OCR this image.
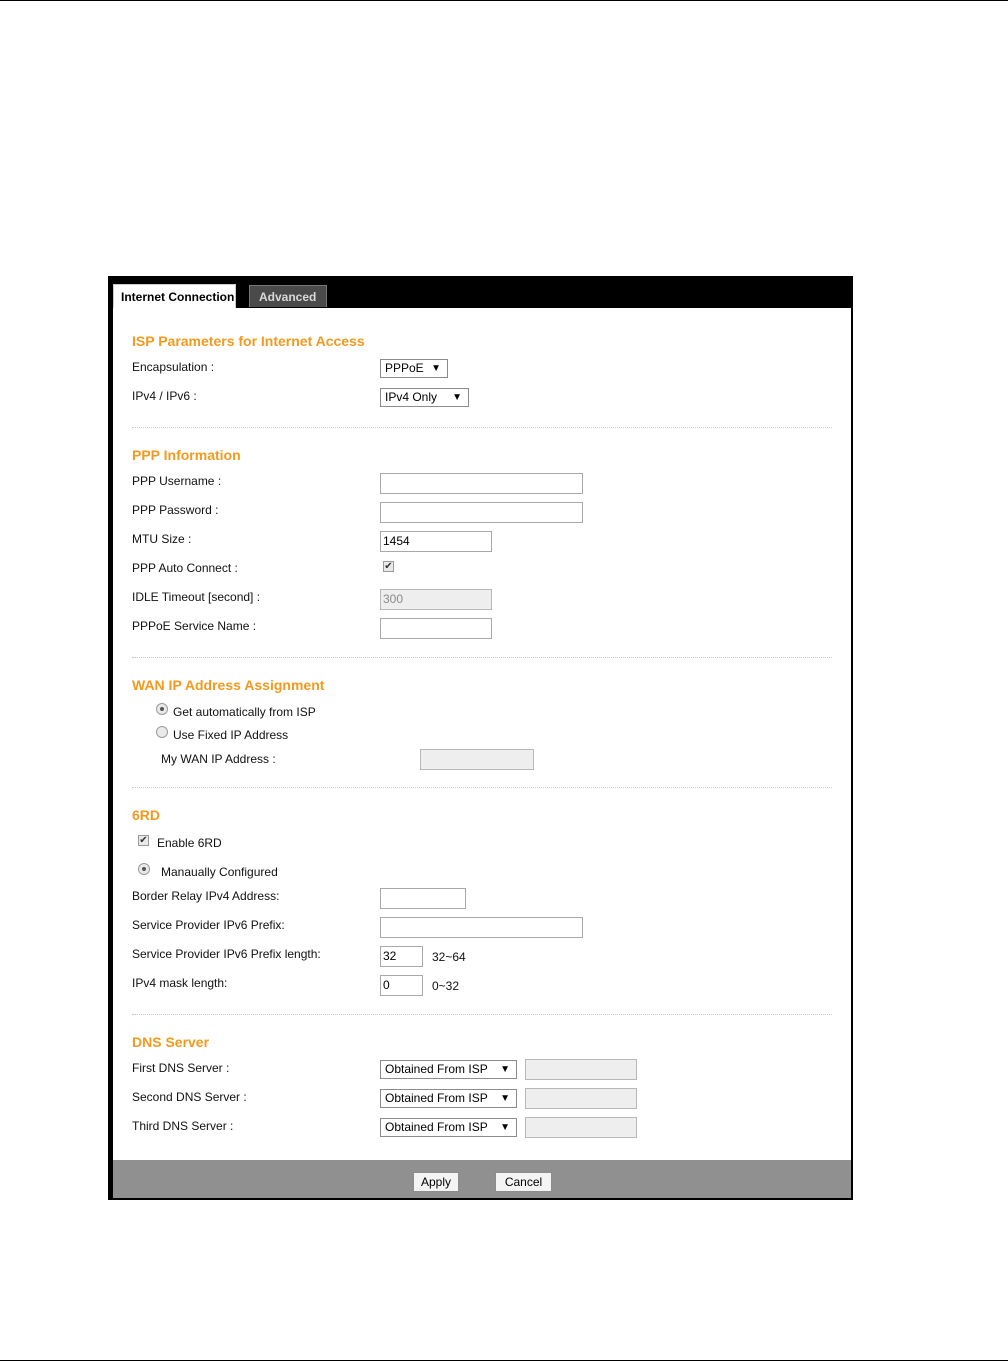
Internet Connection	Advanced
ISP Parameters for Internet Access
Encapsulation :	PPPoE ▼
IPv4 / IPv6 :	IPv4 Only ▼
PPP Information
PPP Username :
PPP Password :
MTU Size :	1454
PPP Auto Connect :	✔
IDLE Timeout [second] :	300
PPPoE Service Name :
WAN IP Address Assignment
Get automatically from ISP
Use Fixed IP Address
My WAN IP Address :
6RD
✔ Enable 6RD
Manaually Configured
Border Relay IPv4 Address:
Service Provider IPv6 Prefix:
Service Provider IPv6 Prefix length:	32	32~64
IPv4 mask length:	0	0~32
DNS Server
First DNS Server :	Obtained From ISP ▼
Second DNS Server :	Obtained From ISP ▼
Third DNS Server :	Obtained From ISP ▼
Apply	Cancel
